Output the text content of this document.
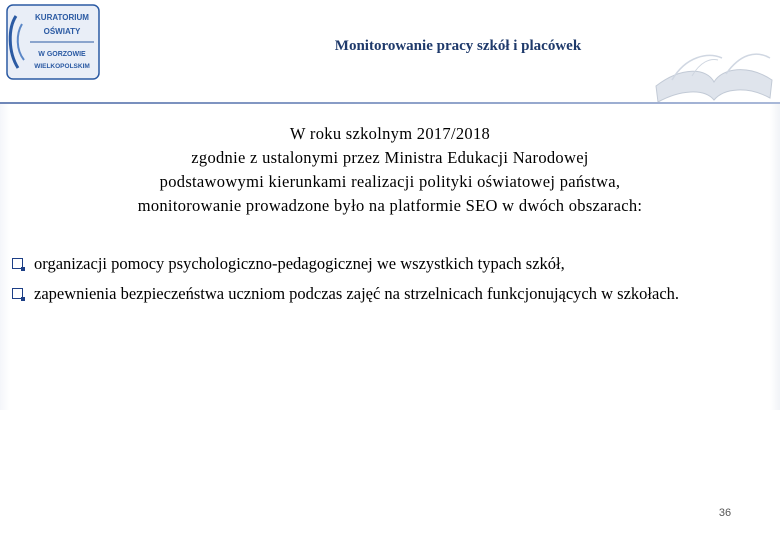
KURATORIUM
OŚWIATY
W GORZOWIE
WIELKOPOLSKIM
Monitorowanie pracy szkół i placówek
W roku szkolnym 2017/2018
zgodnie z ustalonymi przez Ministra Edukacji Narodowej
podstawowymi kierunkami realizacji polityki oświatowej państwa,
monitorowanie prowadzone było na platformie SEO w dwóch obszarach:
organizacji pomocy psychologiczno-pedagogicznej we wszystkich typach szkół,
zapewnienia bezpieczeństwa uczniom podczas zajęć na strzelnicach funkcjonujących w szkołach.
36
